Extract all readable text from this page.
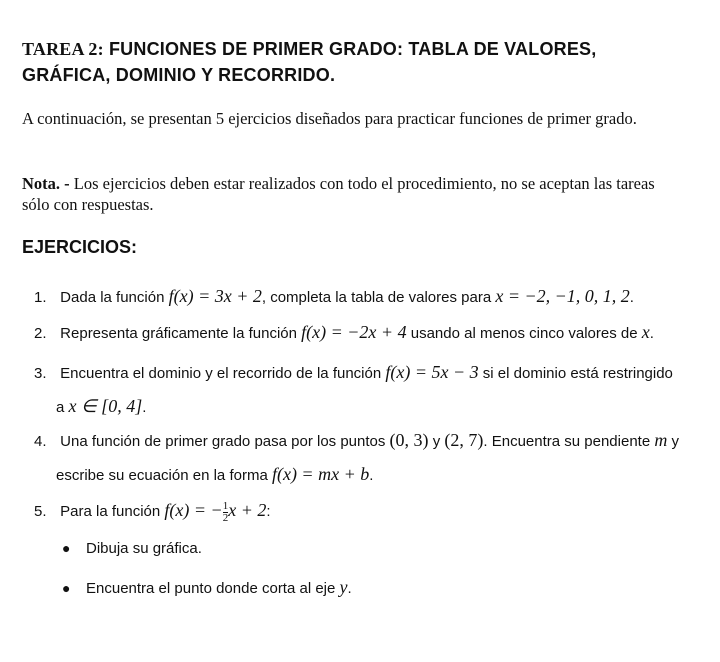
TAREA 2: FUNCIONES DE PRIMER GRADO: TABLA DE VALORES,
GRÁFICA, DOMINIO Y RECORRIDO.
A continuación, se presentan 5 ejercicios diseñados para practicar funciones de primer grado.
Nota. - Los ejercicios deben estar realizados con todo el procedimiento, no se aceptan las tareas sólo con respuestas.
EJERCICIOS:
1. Dada la función f(x) = 3x + 2, completa la tabla de valores para x = −2, −1, 0, 1, 2.
2. Representa gráficamente la función f(x) = −2x + 4 usando al menos cinco valores de x.
3. Encuentra el dominio y el recorrido de la función f(x) = 5x − 3 si el dominio está restringido
a x ∈ [0, 4].
4. Una función de primer grado pasa por los puntos (0, 3) y (2, 7). Encuentra su pendiente m y
escribe su ecuación en la forma f(x) = mx + b.
5. Para la función f(x) = − $\frac{1}{2}$ x + 2:
● Dibuja su gráfica.
● Encuentra el punto donde corta al eje y.
